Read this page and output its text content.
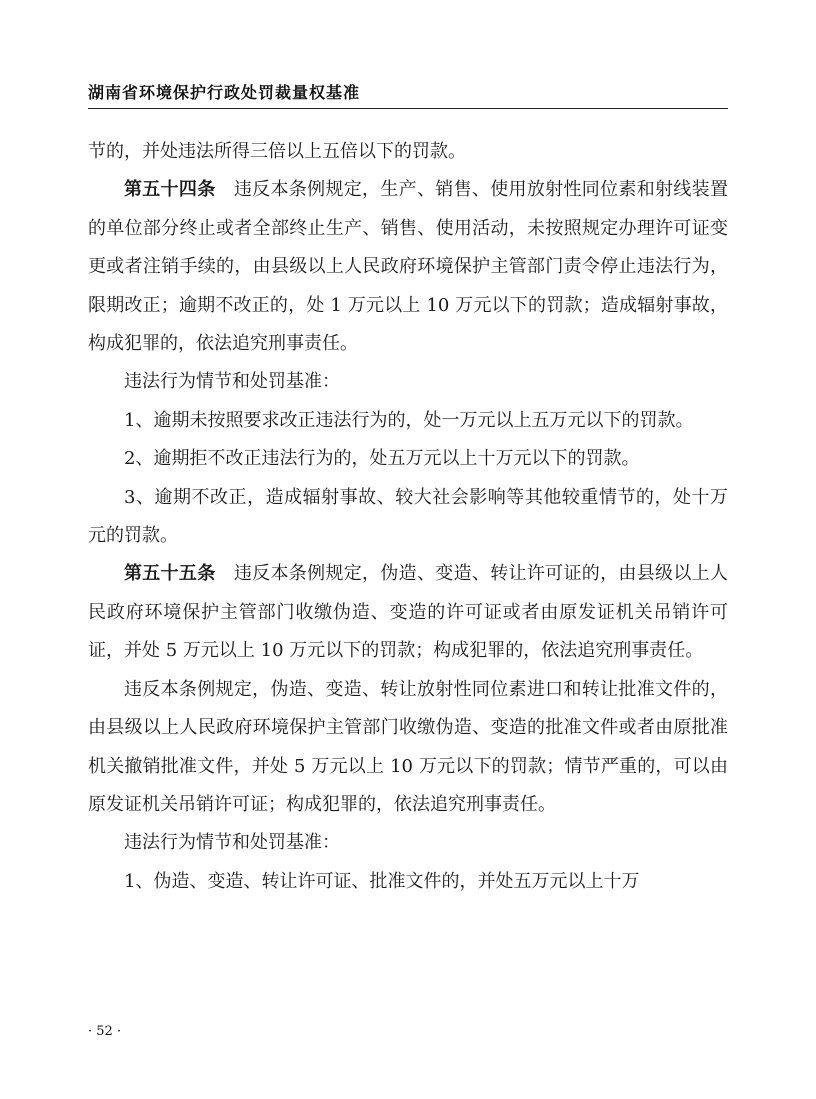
湖南省环境保护行政处罚裁量权基准

节的，并处违法所得三倍以上五倍以下的罚款。

第五十四条　 违反本条例规定，生产、销售、使用放射性同位素和射线装置的单位部分终止或者全部终止生产、销售、使用活动，未按照规定办理许可证变更或者注销手续的，由县级以上人民政府环境保护主管部门责令停止违法行为，限期改正；逾期不改正的，处 1 万元以上 10 万元以下的罚款；造成辐射事故，构成犯罪的，依法追究刑事责任。

违法行为情节和处罚基准：

1、逾期未按照要求改正违法行为的，处一万元以上五万元以下的罚款。

2、逾期拒不改正违法行为的，处五万元以上十万元以下的罚款。

3、逾期不改正，造成辐射事故、较大社会影响等其他较重情节的，处十万元的罚款。

第五十五条　 违反本条例规定，伪造、变造、转让许可证的，由县级以上人民政府环境保护主管部门收缴伪造、变造的许可证或者由原发证机关吊销许可证，并处 5 万元以上 10 万元以下的罚款；构成犯罪的，依法追究刑事责任。

违反本条例规定，伪造、变造、转让放射性同位素进口和转让批准文件的，由县级以上人民政府环境保护主管部门收缴伪造、变造的批准文件或者由原批准机关撤销批准文件，并处 5 万元以上 10 万元以下的罚款；情节严重的，可以由原发证机关吊销许可证；构成犯罪的，依法追究刑事责任。

违法行为情节和处罚基准：

1、伪造、变造、转让许可证、批准文件的，并处五万元以上十万

· 52 ·
